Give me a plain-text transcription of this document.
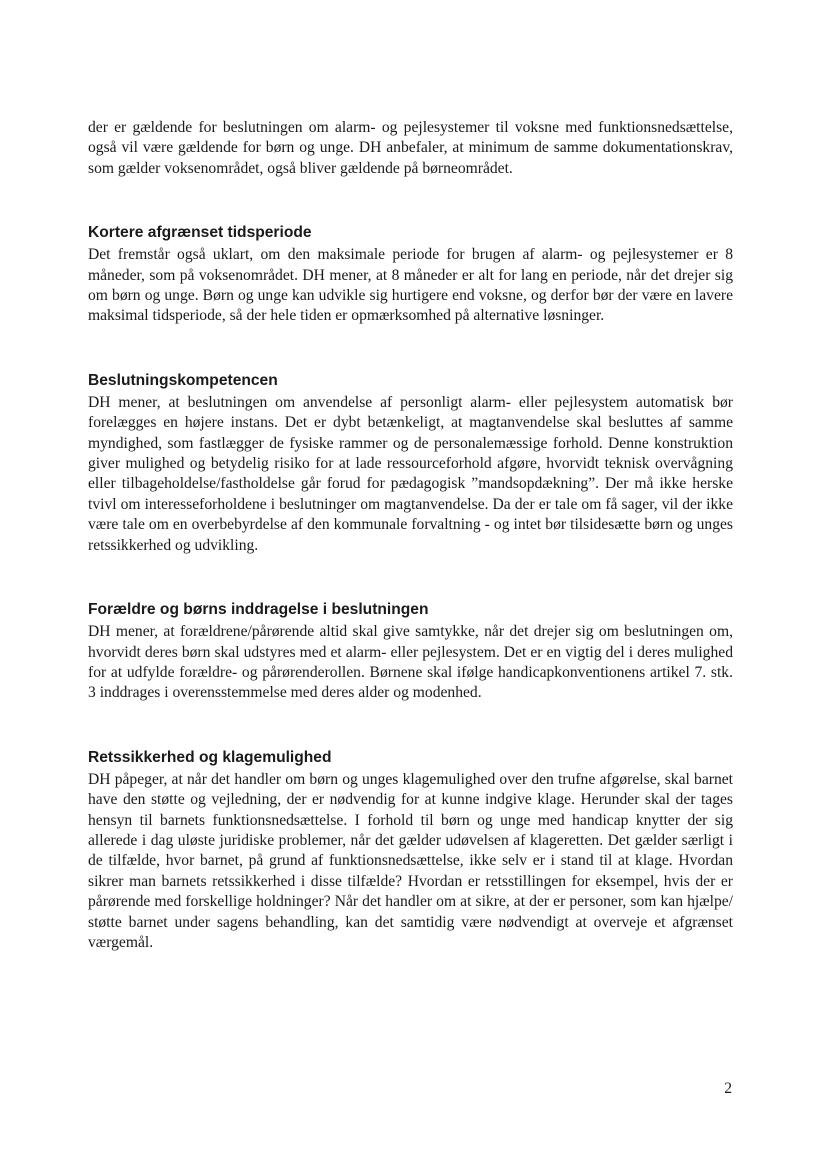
der er gældende for beslutningen om alarm- og pejlesystemer til voksne med funktionsnedsættelse, også vil være gældende for børn og unge. DH anbefaler, at minimum de samme dokumentationskrav, som gælder voksenområdet, også bliver gældende på børneområdet.

Kortere afgrænset tidsperiode

Det fremstår også uklart, om den maksimale periode for brugen af alarm- og pejlesystemer er 8 måneder, som på voksenområdet. DH mener, at 8 måneder er alt for lang en periode, når det drejer sig om børn og unge. Børn og unge kan udvikle sig hurtigere end voksne, og derfor bør der være en lavere maksimal tidsperiode, så der hele tiden er opmærksomhed på alternative løsninger.

Beslutningskompetencen

DH mener, at beslutningen om anvendelse af personligt alarm- eller pejlesystem automatisk bør forelægges en højere instans. Det er dybt betænkeligt, at magtanvendelse skal besluttes af samme myndighed, som fastlægger de fysiske rammer og de personalemæssige forhold. Denne konstruktion giver mulighed og betydelig risiko for at lade ressourceforhold afgøre, hvorvidt teknisk overvågning eller tilbageholdelse/fastholdelse går forud for pædagogisk ”mandsopdækning”. Der må ikke herske tvivl om interesseforholdene i beslutninger om magtanvendelse. Da der er tale om få sager, vil der ikke være tale om en overbebyrdelse af den kommunale forvaltning - og intet bør tilsidesætte børn og unges retssikkerhed og udvikling.

Forældre og børns inddragelse i beslutningen

DH mener, at forældrene/pårørende altid skal give samtykke, når det drejer sig om beslutningen om, hvorvidt deres børn skal udstyres med et alarm- eller pejlesystem. Det er en vigtig del i deres mulighed for at udfylde forældre- og pårørenderollen. Børnene skal ifølge handicapkonventionens artikel 7. stk. 3 inddrages i overensstemmelse med deres alder og modenhed.

Retssikkerhed og klagemulighed

DH påpeger, at når det handler om børn og unges klagemulighed over den trufne afgørelse, skal barnet have den støtte og vejledning, der er nødvendig for at kunne indgive klage. Herunder skal der tages hensyn til barnets funktionsnedsættelse. I forhold til børn og unge med handicap knytter der sig allerede i dag uløste juridiske problemer, når det gælder udøvelsen af klageretten. Det gælder særligt i de tilfælde, hvor barnet, på grund af funktionsnedsættelse, ikke selv er i stand til at klage. Hvordan sikrer man barnets retssikkerhed i disse tilfælde? Hvordan er retsstillingen for eksempel, hvis der er pårørende med forskellige holdninger? Når det handler om at sikre, at der er personer, som kan hjælpe/ støtte barnet under sagens behandling, kan det samtidig være nødvendigt at overveje et afgrænset værgemål.

2
